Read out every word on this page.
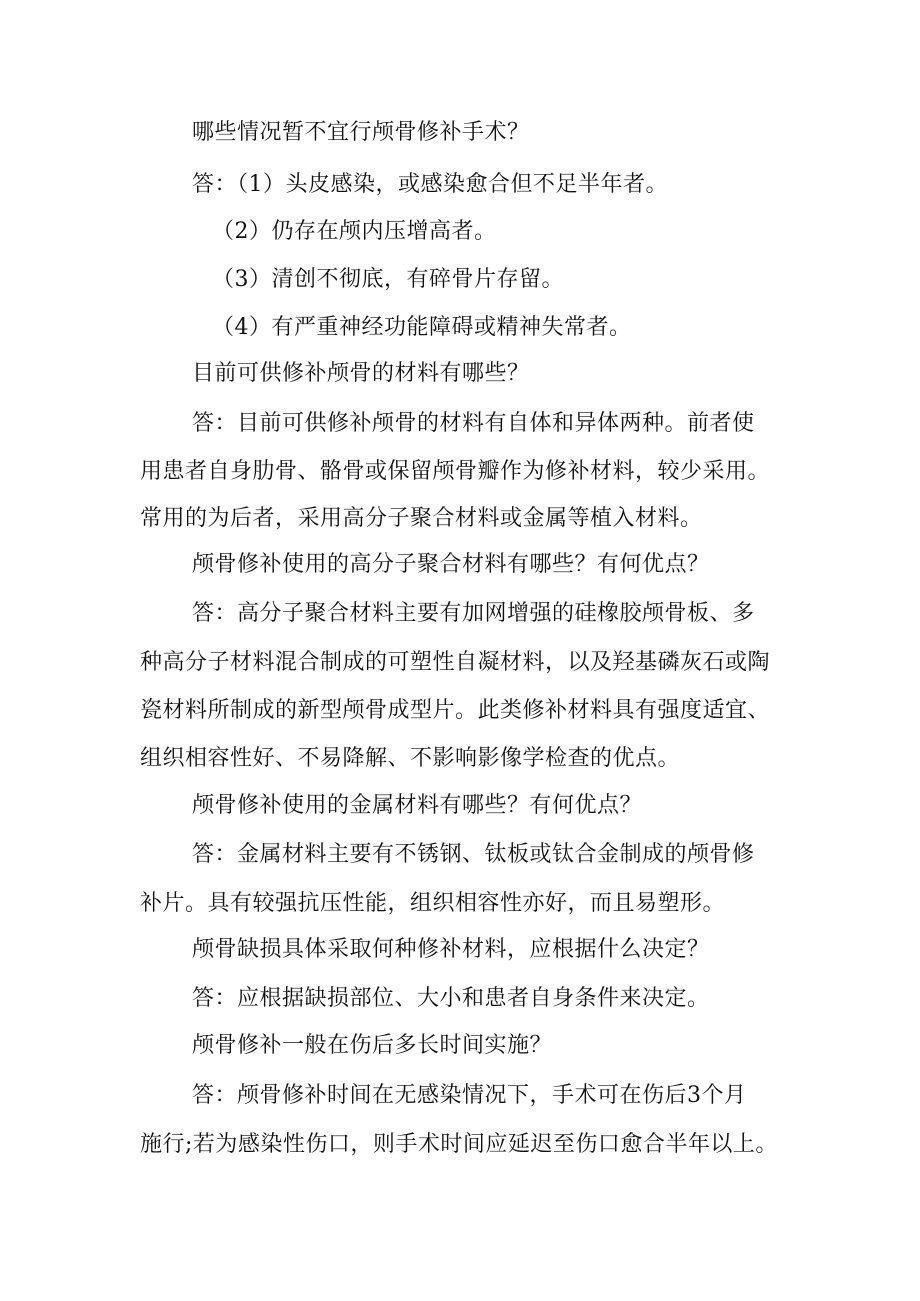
哪些情况暂不宜行颅骨修补手术？
答：（1）头皮感染，或感染愈合但不足半年者。
（2）仍存在颅内压增高者。
（3）清创不彻底，有碎骨片存留。
（4）有严重神经功能障碍或精神失常者。
目前可供修补颅骨的材料有哪些？
答：目前可供修补颅骨的材料有自体和异体两种。前者使
用患者自身肋骨、骼骨或保留颅骨瓣作为修补材料，较少采用。
常用的为后者，采用高分子聚合材料或金属等植入材料。
颅骨修补使用的高分子聚合材料有哪些？有何优点？
答：高分子聚合材料主要有加网增强的硅橡胶颅骨板、多
种高分子材料混合制成的可塑性自凝材料，以及羟基磷灰石或陶
瓷材料所制成的新型颅骨成型片。此类修补材料具有强度适宜、
组织相容性好、不易降解、不影响影像学检查的优点。
颅骨修补使用的金属材料有哪些？有何优点？
答：金属材料主要有不锈钢、钛板或钛合金制成的颅骨修
补片。具有较强抗压性能，组织相容性亦好，而且易塑形。
颅骨缺损具体采取何种修补材料，应根据什么决定？
答：应根据缺损部位、大小和患者自身条件来决定。
颅骨修补一般在伤后多长时间实施？
答：颅骨修补时间在无感染情况下，手术可在伤后3个月
施行;若为感染性伤口，则手术时间应延迟至伤口愈合半年以上。
